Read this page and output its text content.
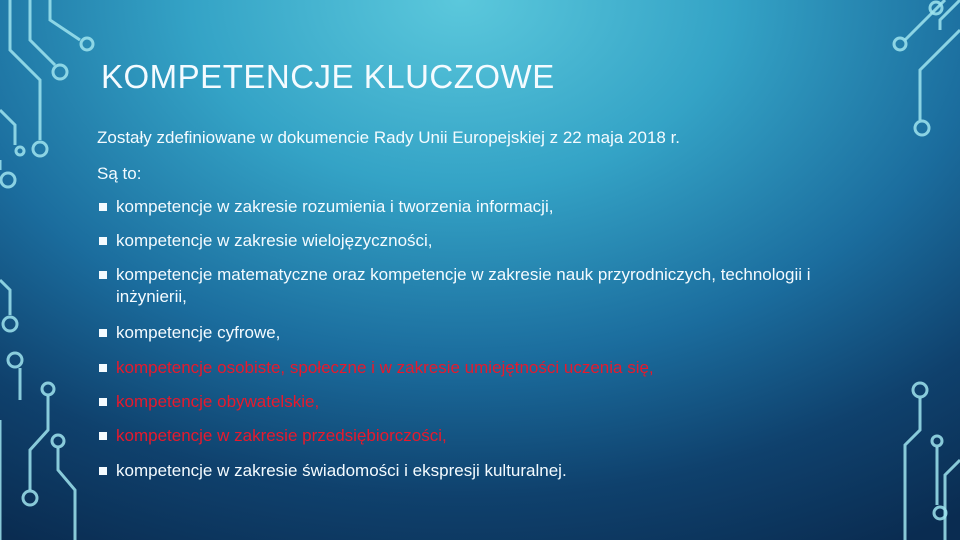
KOMPETENCJE KLUCZOWE
Zostały zdefiniowane w dokumencie Rady Unii Europejskiej z 22 maja 2018 r.
Są to:
kompetencje w zakresie rozumienia i tworzenia informacji,
kompetencje w zakresie wielojęzyczności,
kompetencje matematyczne oraz kompetencje w zakresie nauk przyrodniczych, technologii i inżynierii,
kompetencje cyfrowe,
kompetencje osobiste, społeczne i w zakresie umiejętności uczenia się,
kompetencje obywatelskie,
kompetencje w zakresie przedsiębiorczości,
kompetencje w zakresie świadomości i ekspresji kulturalnej.
